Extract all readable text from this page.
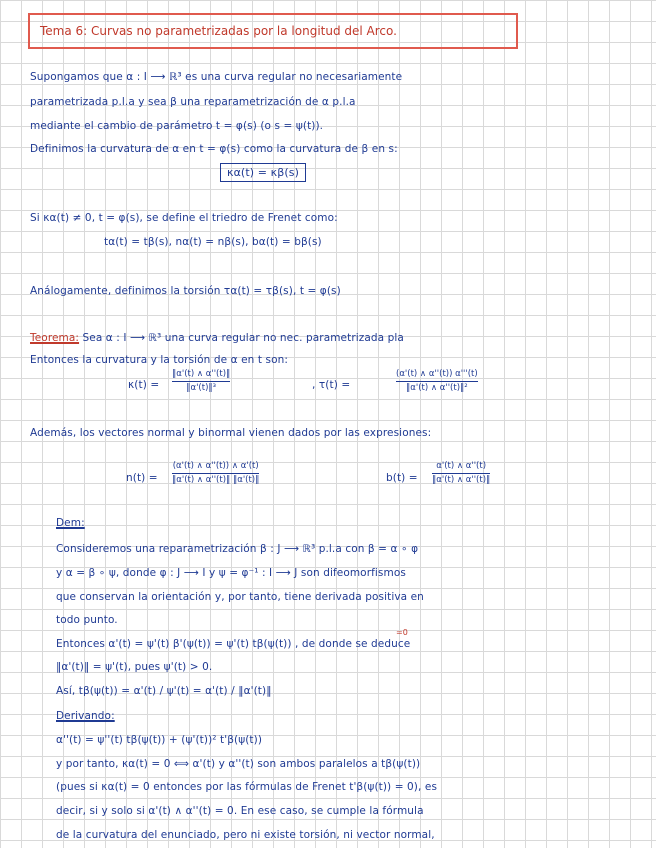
Tema 6: Curvas no parametrizadas por la longitud del Arco.
Supongamos que α : I ⟶ ℝ³ es una curva regular no necesariamente
parametrizada p.l.a y sea β una reparametrización de α p.l.a
mediante el cambio de parámetro t = φ(s) (o s = ψ(t)).
Definimos la curvatura de α en t = φ(s) como la curvatura de β en s:
κα(t) = κβ(s)
Si κα(t) ≠ 0, t = φ(s), se define el triedro de Frenet como:
tα(t) = tβ(s), nα(t) = nβ(s), bα(t) = bβ(s)
Análogamente, definimos la torsión τα(t) = τβ(s), t = φ(s)
Teorema: Sea α : I ⟶ ℝ³ una curva regular no nec. parametrizada pla
Entonces la curvatura y la torsión de α en t son:
κ(t) =
‖α'(t) ∧ α''(t)‖
‖α'(t)‖³	, τ(t) =
(α'(t) ∧ α''(t)) α'''(t)
‖α'(t) ∧ α''(t)‖²
Además, los vectores normal y binormal vienen dados por las expresiones:
n(t) =
(α'(t) ∧ α''(t)) ∧ α'(t)
‖α'(t) ∧ α''(t)‖ ‖α'(t)‖	b(t) =
α'(t) ∧ α''(t)
‖α'(t) ∧ α''(t)‖
Dem:
Consideremos una reparametrización β : J ⟶ ℝ³ p.l.a con β = α ∘ φ
y α = β ∘ ψ, donde φ : J ⟶ I y ψ = φ⁻¹ : I ⟶ J son difeomorfismos
que conservan la orientación y, por tanto, tiene derivada positiva en
todo punto.
=0
Entonces α'(t) = ψ'(t) β'(ψ(t)) = ψ'(t) tβ(ψ(t)) , de donde se deduce
‖α'(t)‖ = ψ'(t), pues ψ'(t) > 0.
Así, tβ(ψ(t)) = α'(t) / ψ'(t) = α'(t) / ‖α'(t)‖
Derivando:
α''(t) = ψ''(t) tβ(ψ(t)) + (ψ'(t))² t'β(ψ(t))
y por tanto, κα(t) = 0 ⟺ α'(t) y α''(t) son ambos paralelos a tβ(ψ(t))
(pues si κα(t) = 0 entonces por las fórmulas de Frenet t'β(ψ(t)) = 0), es
decir, si y solo si α'(t) ∧ α''(t) = 0. En ese caso, se cumple la fórmula
de la curvatura del enunciado, pero ni existe torsión, ni vector normal,
